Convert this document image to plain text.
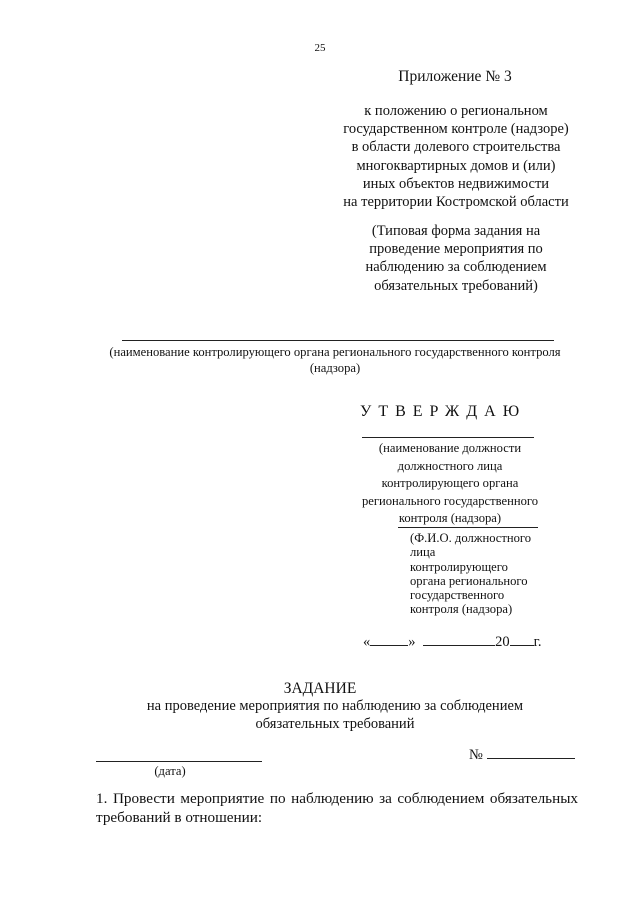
25
Приложение № 3
к положению о региональном
государственном контроле (надзоре)
в области долевого строительства
многоквартирных домов и (или)
иных объектов недвижимости
на территории Костромской области
(Типовая форма задания на
проведение мероприятия по
наблюдению за соблюдением
обязательных требований)
(наименование контролирующего органа регионального государственного контроля
(надзора)
УТВЕРЖДАЮ
(наименование должности
должностного лица
контролирующего органа
регионального государственного
контроля (надзора)
(Ф.И.О. должностного
лица
контролирующего
органа регионального
государственного
контроля (надзора)
«	»	20 г.
ЗАДАНИЕ
на проведение мероприятия по наблюдению за соблюдением
обязательных требований
(дата)
№
1. Провести мероприятие по наблюдению за соблюдением обязательных требований в отношении:
